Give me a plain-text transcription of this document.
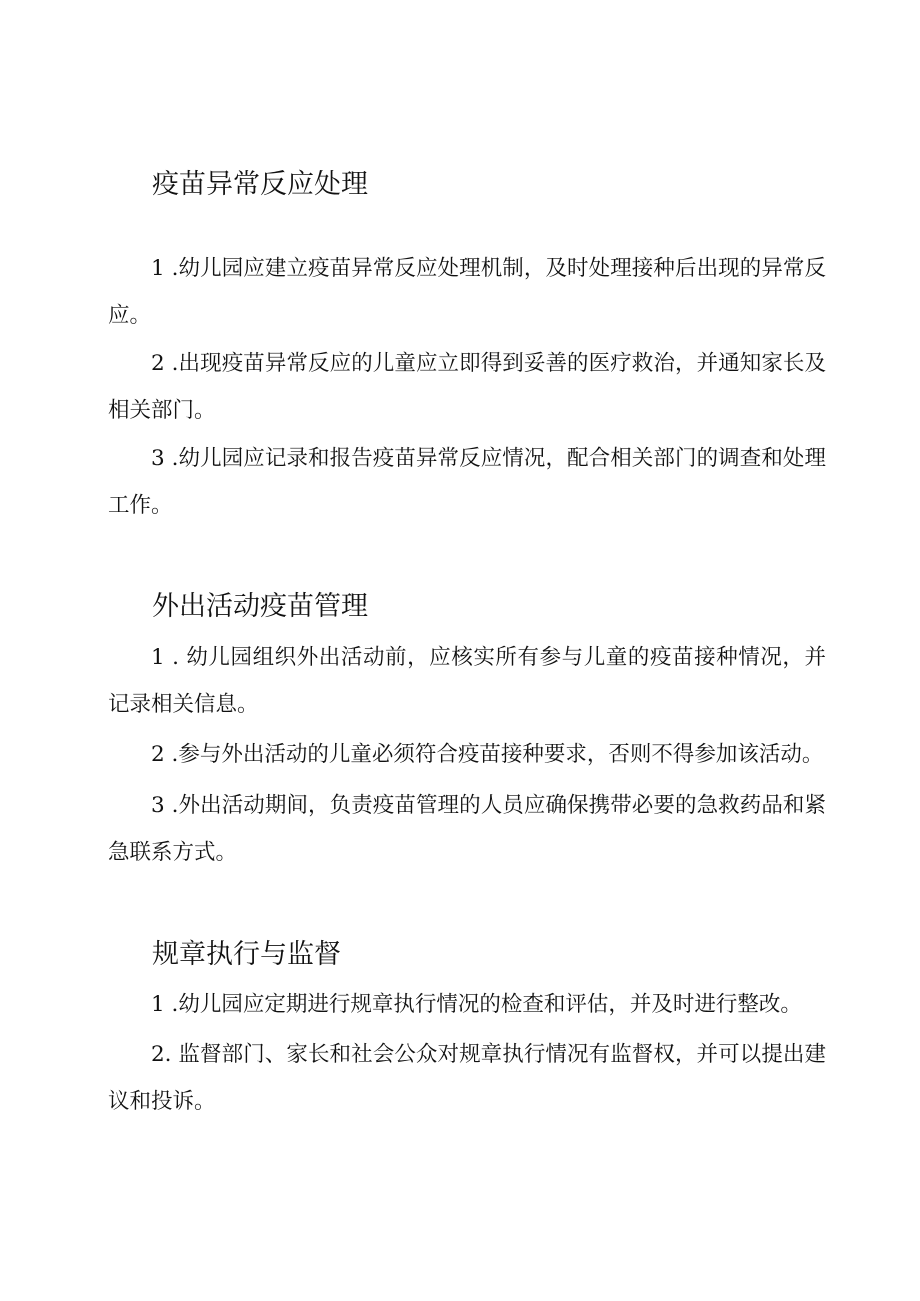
疫苗异常反应处理

1 .幼儿园应建立疫苗异常反应处理机制，及时处理接种后出现的异常反应。

2 .出现疫苗异常反应的儿童应立即得到妥善的医疗救治，并通知家长及相关部门。

3 .幼儿园应记录和报告疫苗异常反应情况，配合相关部门的调查和处理工作。

外出活动疫苗管理

1 . 幼儿园组织外出活动前，应核实所有参与儿童的疫苗接种情况，并记录相关信息。

2 .参与外出活动的儿童必须符合疫苗接种要求，否则不得参加该活动。

3 .外出活动期间，负责疫苗管理的人员应确保携带必要的急救药品和紧急联系方式。

规章执行与监督

1 .幼儿园应定期进行规章执行情况的检查和评估，并及时进行整改。

2. 监督部门、家长和社会公众对规章执行情况有监督权，并可以提出建议和投诉。
